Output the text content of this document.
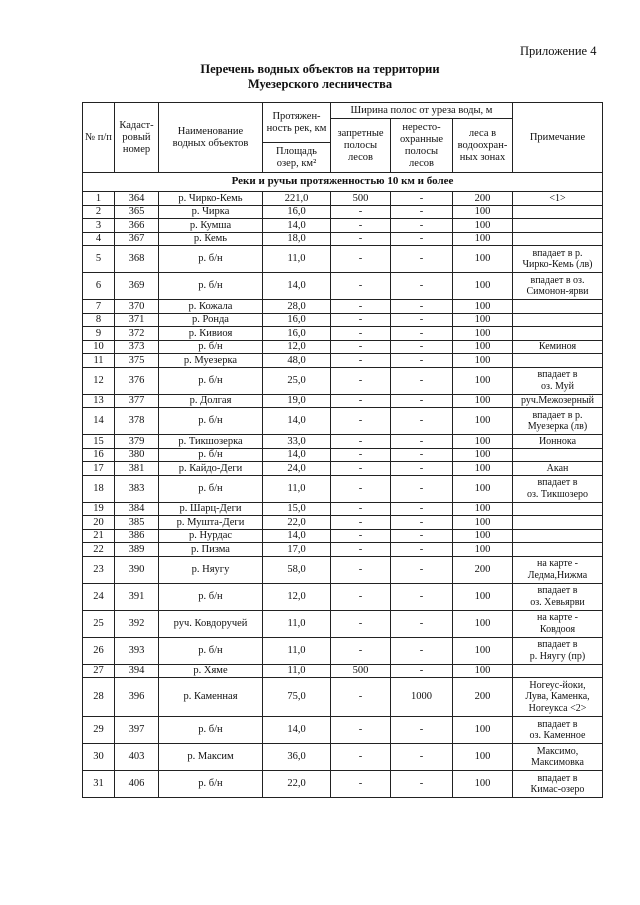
Приложение 4
Перечень водных объектов на территории
Муезерского лесничества
№ п/п	Кадаст- ровый номер	Наименование водных объектов	Протяжен- ность рек, км	Ширина полос от уреза воды, м			Примечание
				запретные полосы лесов	нересто- охранные полосы лесов	леса в водоохран- ных зонах	
			Площадь озер, км²				
Реки и ручьи протяженностью 10 км и более							
1	364	р. Чирко-Кемь	221,0	500	-	200	<1>

2	365	р. Чирка	16,0	-	-	100	
3	366	р. Кумша	14,0	-	-	100	
4	367	р. Кемь	18,0	-	-	100	
5	368	р. б/н	11,0	-	-	100	впадает в р.
Чирко-Кемь (лв)

6	369	р. б/н	14,0	-	-	100	впадает в оз.
Симонон-ярви

7	370	р. Кожала	28,0	-	-	100	
8	371	р. Ронда	16,0	-	-	100	
9	372	р. Кивиоя	16,0	-	-	100	
10	373	р. б/н	12,0	-	-	100	Кеминоя

11	375	р. Муезерка	48,0	-	-	100	
12	376	р. б/н	25,0	-	-	100	впадает в
оз. Муй

13	377	р. Долгая	19,0	-	-	100	руч.Межозерный

14	378	р. б/н	14,0	-	-	100	впадает в р.
Муезерка (лв)

15	379	р. Тикшозерка	33,0	-	-	100	Ионнока

16	380	р. б/н	14,0	-	-	100	
17	381	р. Кайдо-Деги	24,0	-	-	100	Акан

18	383	р. б/н	11,0	-	-	100	впадает в
оз. Тикшозеро

19	384	р. Шарц-Деги	15,0	-	-	100	
20	385	р. Мушта-Деги	22,0	-	-	100	
21	386	р. Нурдас	14,0	-	-	100	
22	389	р. Пизма	17,0	-	-	100	
23	390	р. Няугу	58,0	-	-	200	на карте -
Ледма,Нижма

24	391	р. б/н	12,0	-	-	100	впадает в
оз. Хевьярви

25	392	руч. Ковдоручей	11,0	-	-	100	на карте -
Ковдооя

26	393	р. б/н	11,0	-	-	100	впадает в
р. Няугу (пр)

27	394	р. Хяме	11,0	500	-	100	
28	396	р. Каменная	75,0	-	1000	200	Ногеус-йоки,
Лува, Каменка,
Ногеукса <2>

29	397	р. б/н	14,0	-	-	100	впадает в
оз. Каменное

30	403	р. Максим	36,0	-	-	100	Максимо,
Максимовка

31	406	р. б/н	22,0	-	-	100	впадает в
Кимас-озеро
